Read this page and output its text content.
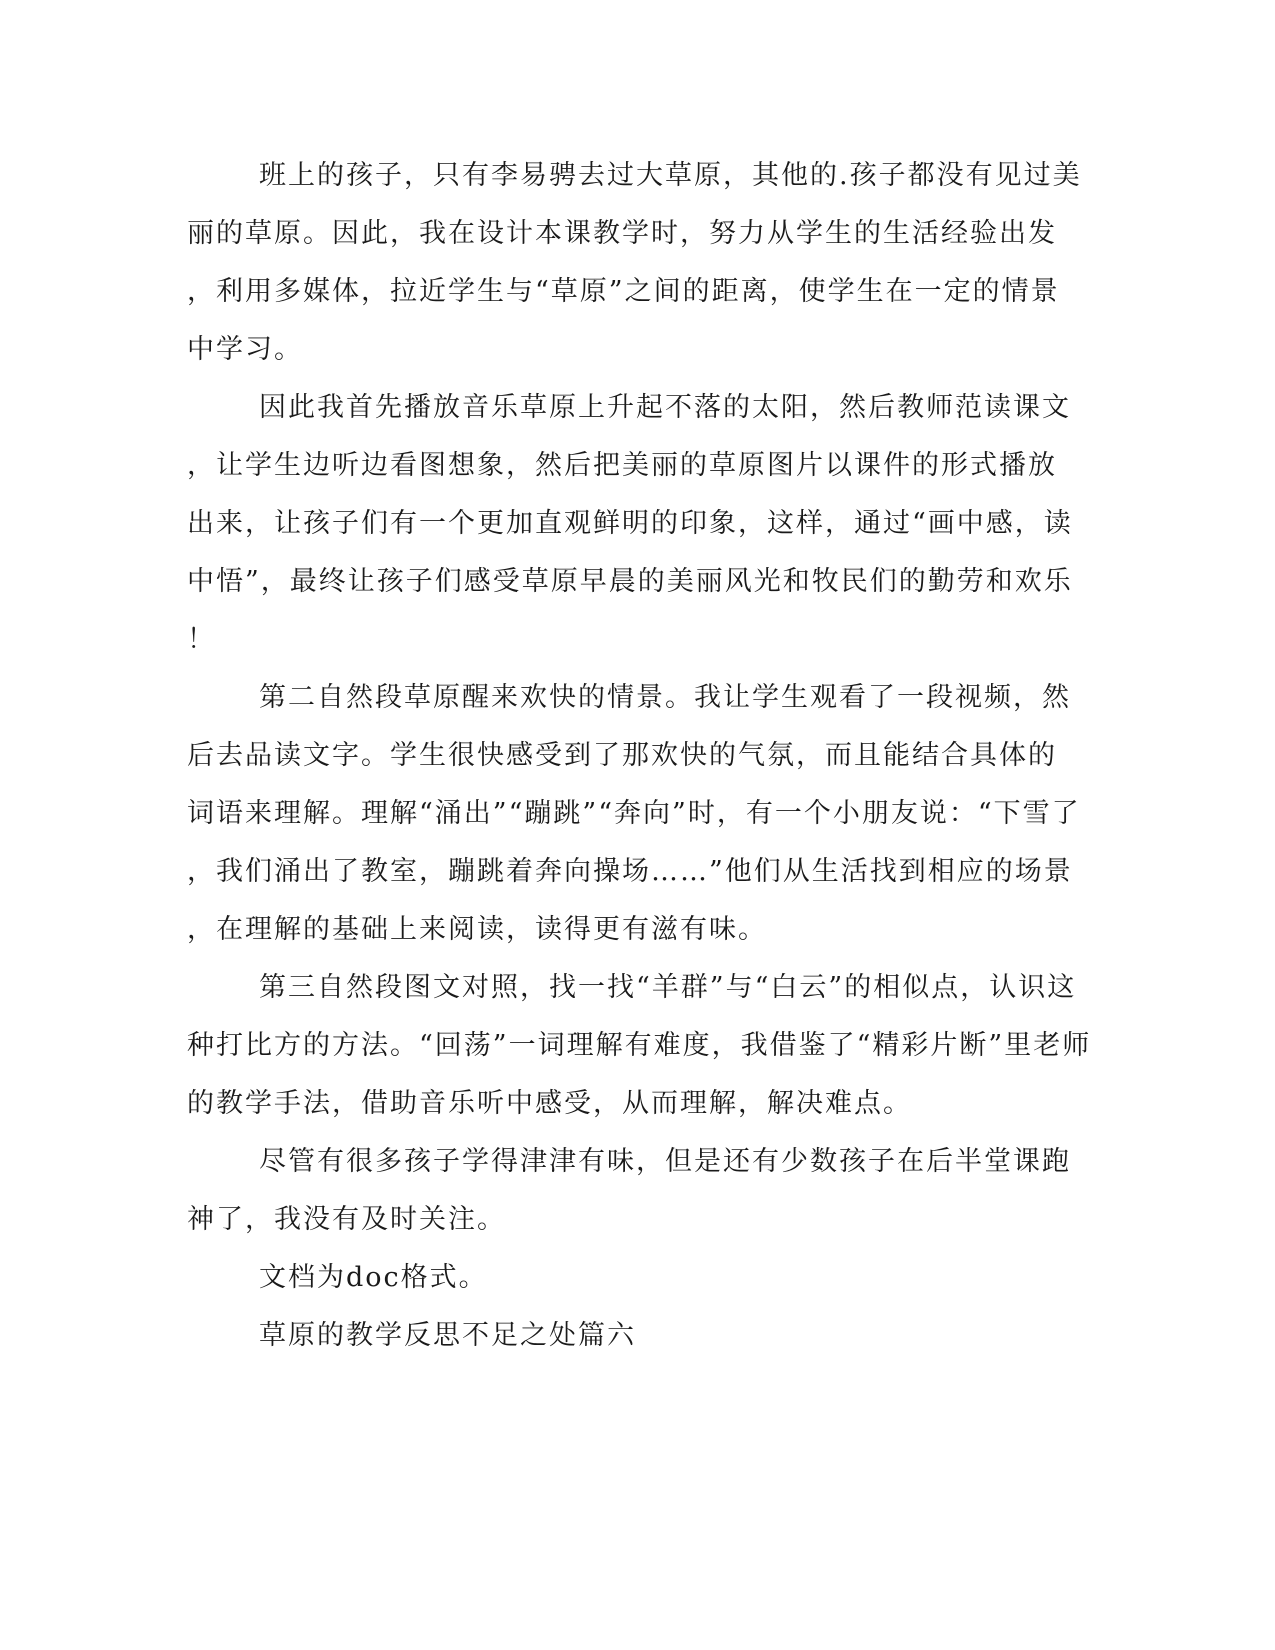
班上的孩子，只有李易骋去过大草原，其他的.孩子都没有见过美
丽的草原。因此，我在设计本课教学时，努力从学生的生活经验出发
，利用多媒体，拉近学生与“草原”之间的距离，使学生在一定的情景
中学习。
因此我首先播放音乐草原上升起不落的太阳，然后教师范读课文
，让学生边听边看图想象，然后把美丽的草原图片以课件的形式播放
出来，让孩子们有一个更加直观鲜明的印象，这样，通过“画中感，读
中悟”，最终让孩子们感受草原早晨的美丽风光和牧民们的勤劳和欢乐
！
第二自然段草原醒来欢快的情景。我让学生观看了一段视频，然
后去品读文字。学生很快感受到了那欢快的气氛，而且能结合具体的
词语来理解。理解“涌出”“蹦跳”“奔向”时，有一个小朋友说：“下雪了
，我们涌出了教室，蹦跳着奔向操场……”他们从生活找到相应的场景
，在理解的基础上来阅读，读得更有滋有味。
第三自然段图文对照，找一找“羊群”与“白云”的相似点，认识这
种打比方的方法。“回荡”一词理解有难度，我借鉴了“精彩片断”里老师
的教学手法，借助音乐听中感受，从而理解，解决难点。
尽管有很多孩子学得津津有味，但是还有少数孩子在后半堂课跑
神了，我没有及时关注。
文档为doc格式。
草原的教学反思不足之处篇六
